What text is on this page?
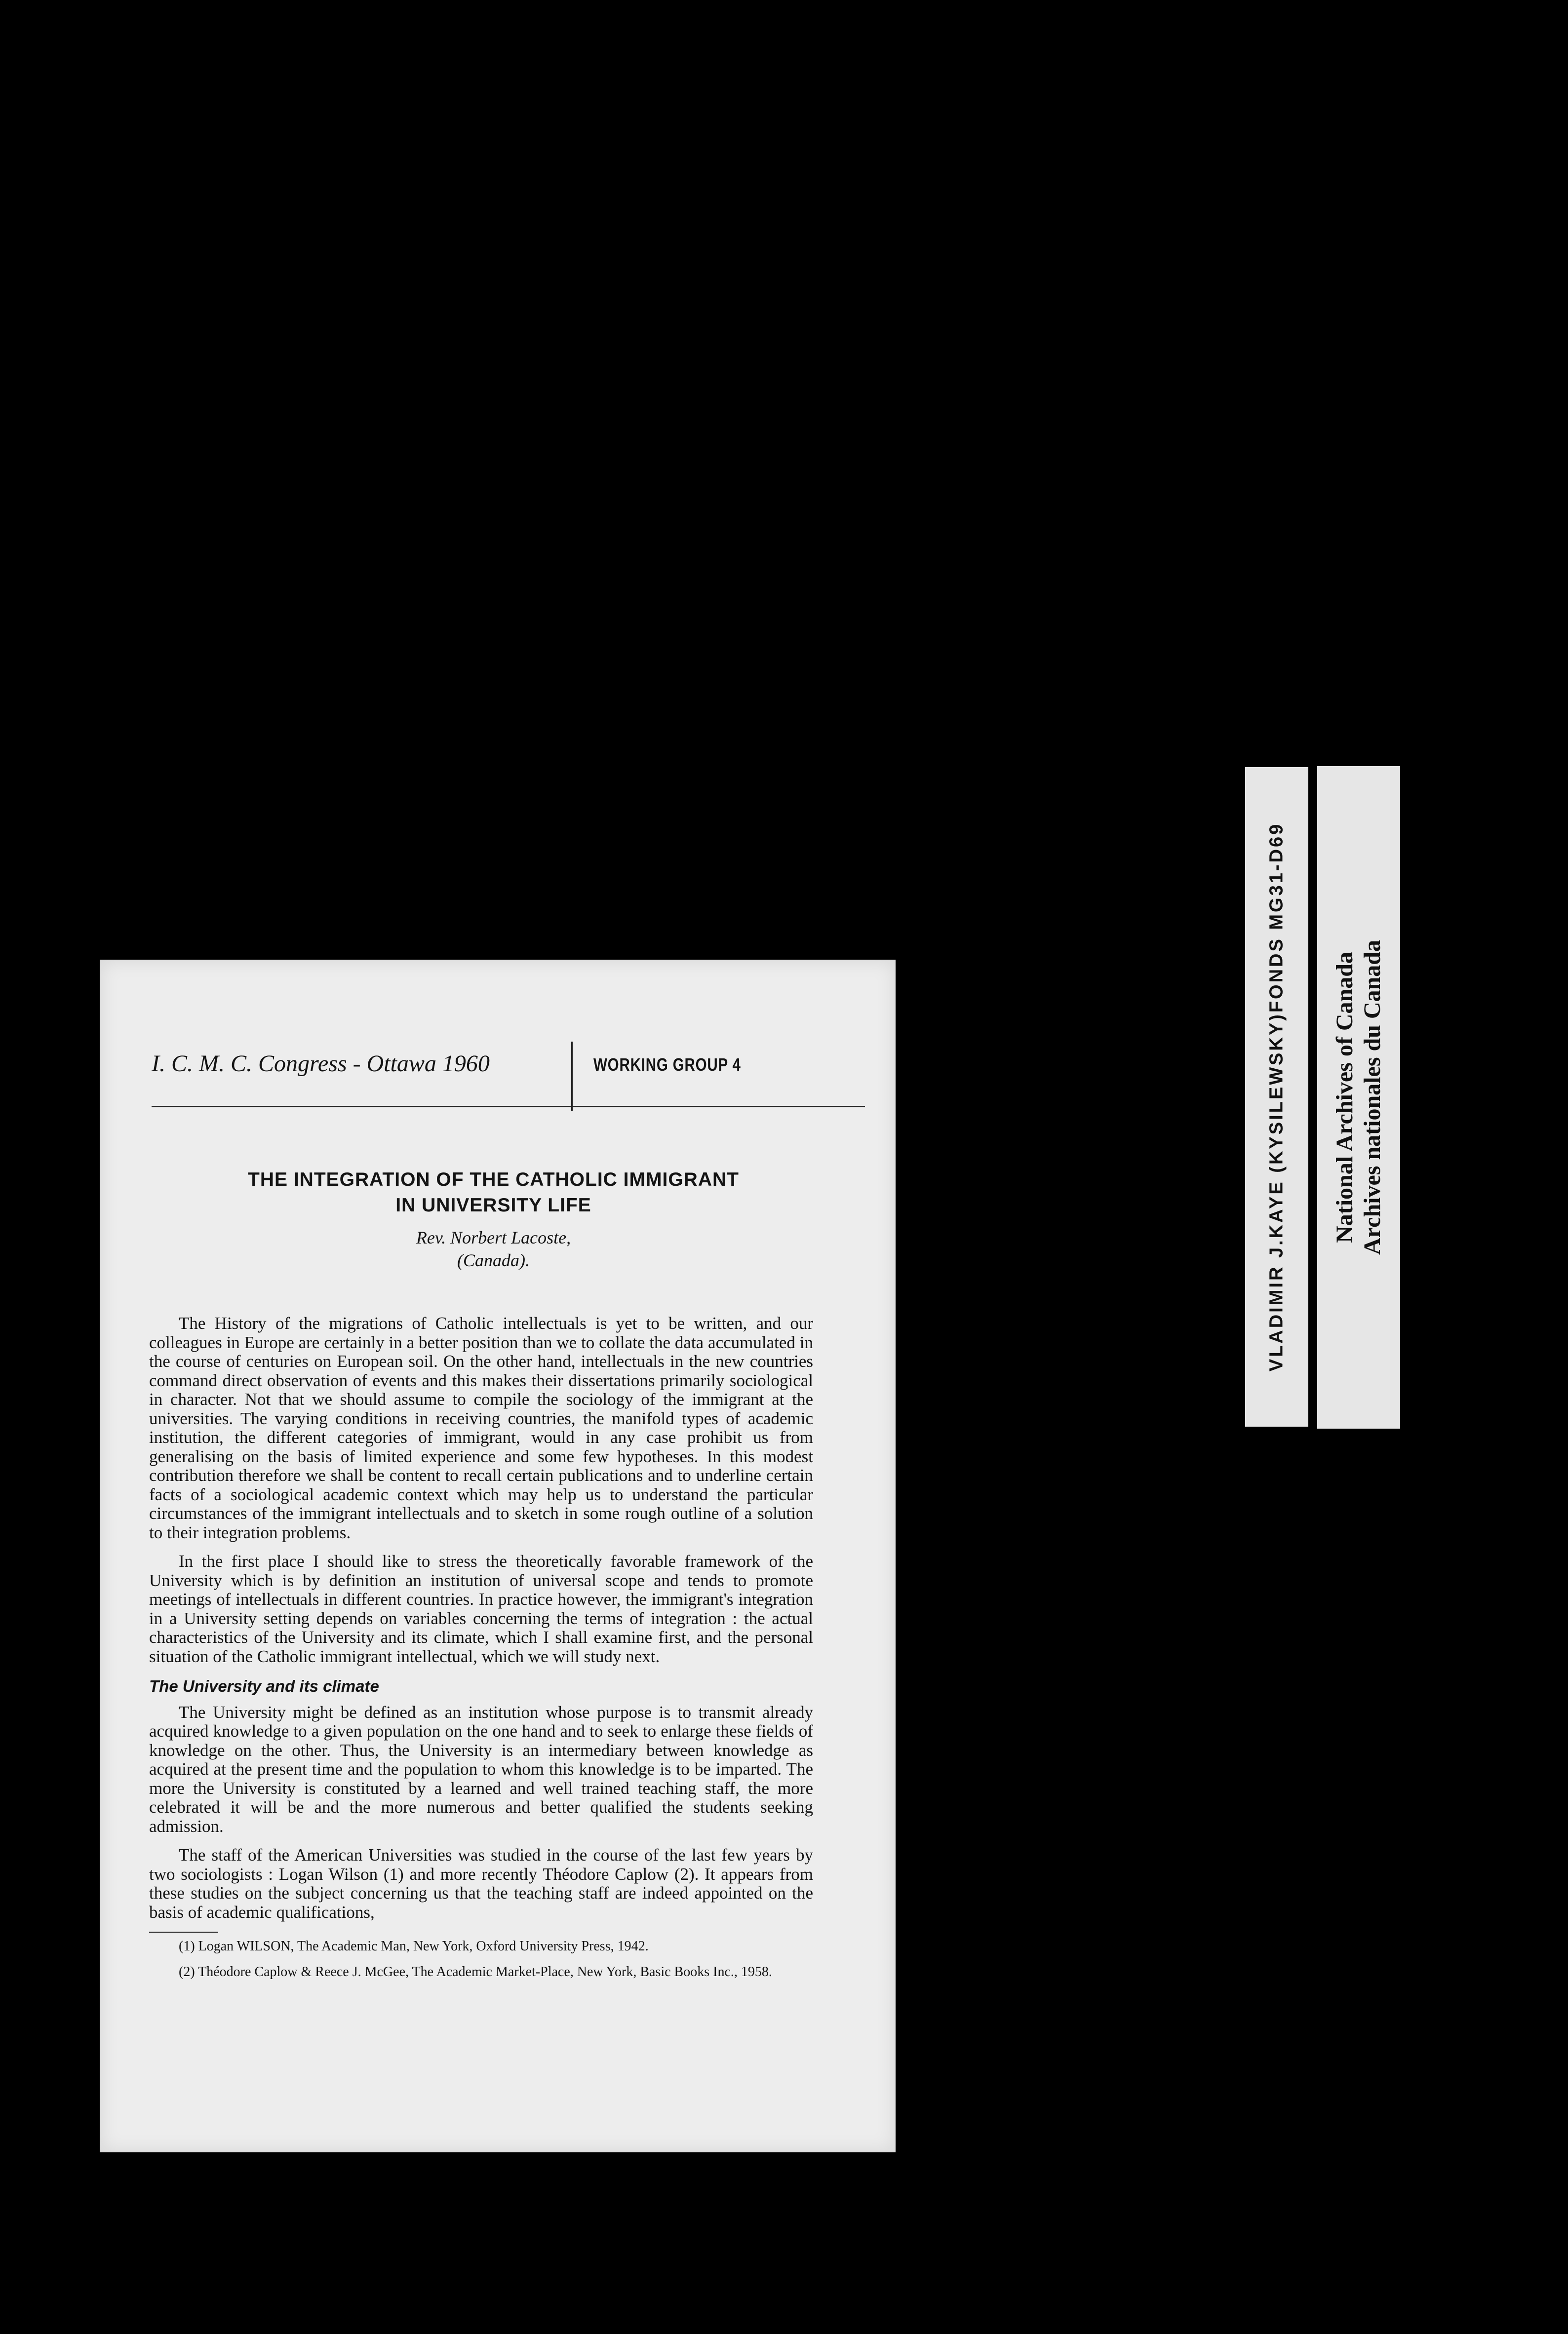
I. C. M. C. Congress - Ottawa 1960	WORKING GROUP 4
THE INTEGRATION OF THE CATHOLIC IMMIGRANT
IN UNIVERSITY LIFE
Rev. Norbert Lacoste,
(Canada).

The History of the migrations of Catholic intellectuals is yet to be written, and our colleagues in Europe are certainly in a better position than we to collate the data accumulated in the course of centuries on European soil. On the other hand, intellectuals in the new countries command direct observation of events and this makes their dissertations primarily sociological in character. Not that we should assume to compile the sociology of the immigrant at the universities. The varying conditions in receiving countries, the manifold types of academic institution, the different categories of immigrant, would in any case prohibit us from generalising on the basis of limited experience and some few hypotheses. In this modest contribution therefore we shall be content to recall certain publications and to underline certain facts of a sociological academic context which may help us to understand the particular circumstances of the immigrant intellectuals and to sketch in some rough outline of a solution to their integration problems.

In the first place I should like to stress the theoretically favorable framework of the University which is by definition an institution of universal scope and tends to promote meetings of intellectuals in different countries. In practice however, the immigrant's integration in a University setting depends on variables concerning the terms of integration : the actual characteristics of the University and its climate, which I shall examine first, and the personal situation of the Catholic immigrant intellectual, which we will study next.

The University and its climate

The University might be defined as an institution whose purpose is to transmit already acquired knowledge to a given population on the one hand and to seek to enlarge these fields of knowledge on the other. Thus, the University is an intermediary between knowledge as acquired at the present time and the population to whom this knowledge is to be imparted. The more the University is constituted by a learned and well trained teaching staff, the more celebrated it will be and the more numerous and better qualified the students seeking admission.

The staff of the American Universities was studied in the course of the last few years by two sociologists : Logan Wilson (1) and more recently Théodore Caplow (2). It appears from these studies on the subject concerning us that the teaching staff are indeed appointed on the basis of academic qualifications,

(1) Logan WILSON, The Academic Man, New York, Oxford University Press, 1942.

(2) Théodore Caplow & Reece J. McGee, The Academic Market-Place, New York, Basic Books Inc., 1958.

VLADIMIR J.KAYE (KYSILEWSKY)FONDS MG31-D69 National Archives of Canada Archives nationales du Canada
